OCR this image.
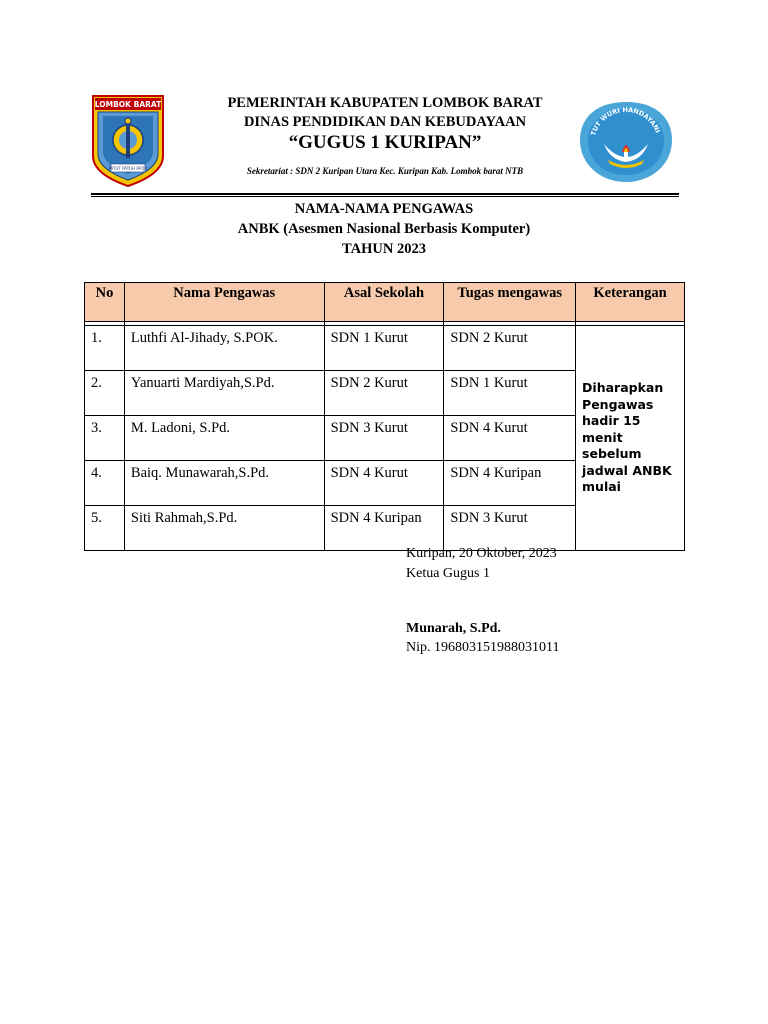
LOMBOK BARAT
PATUT PATUH PATJU
TUT WURI HANDAYANI
PEMERINTAH KABUPATEN LOMBOK BARAT
DINAS PENDIDIKAN DAN KEBUDAYAAN
“GUGUS 1 KURIPAN”
Sekretariat : SDN 2 Kuripan Utara Kec. Kuripan Kab. Lombok barat NTB
NAMA-NAMA PENGAWAS
ANBK (Asesmen Nasional Berbasis Komputer)
TAHUN 2023
No	Nama Pengawas	Asal Sekolah	Tugas mengawas	Keterangan

1.	Luthfi Al-Jihady, S.POK.	SDN 1 Kurut	SDN 2 Kurut	Diharapkan Pengawas hadir 15 menit sebelum jadwal ANBK mulai
2.	Yanuarti Mardiyah,S.Pd.	SDN 2 Kurut	SDN 1 Kurut	
3.	M. Ladoni, S.Pd.	SDN 3 Kurut	SDN 4 Kurut	
4.	Baiq. Munawarah,S.Pd.	SDN 4 Kurut	SDN 4 Kuripan	
5.	Siti Rahmah,S.Pd.	SDN 4 Kuripan	SDN 3 Kurut	
Kuripan, 20 Oktober, 2023
Ketua Gugus 1
Munarah, S.Pd.
Nip. 196803151988031011
